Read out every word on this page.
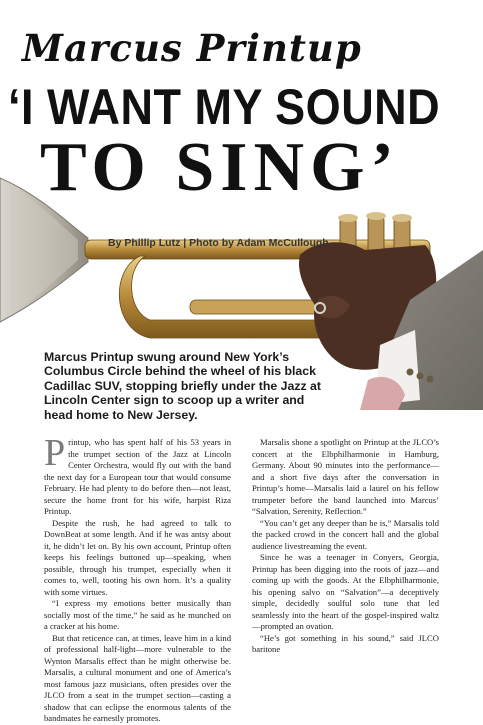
Marcus Printup
‘I WANT MY SOUND
TO SING’
By Phillip Lutz | Photo by Adam McCullough
Marcus Printup swung around New York’s Columbus Circle behind the wheel of his black Cadillac SUV, stopping briefly under the Jazz at Lincoln Center sign to scoop up a writer and head home to New Jersey.

Printup, who has spent half of his 53 years in the trumpet section of the Jazz at Lincoln Center Orchestra, would fly out with the band the next day for a European tour that would consume February. He had plenty to do before then—not least, secure the home front for his wife, harpist Riza Printup.

Despite the rush, he had agreed to talk to DownBeat at some length. And if he was antsy about it, he didn’t let on. By his own account, Printup often keeps his feelings buttoned up—speaking, when possible, through his trumpet, especially when it comes to, well, tooting his own horn. It’s a quality with some virtues.

“I express my emotions better musically than socially most of the time,” he said as he munched on a cracker at his home.

But that reticence can, at times, leave him in a kind of professional half-light—more vulnerable to the Wynton Marsalis effect than he might otherwise be. Marsalis, a cultural monument and one of America’s most famous jazz musicians, often presides over the JLCO from a seat in the trumpet section—casting a shadow that can eclipse the enormous talents of the bandmates he earnestly promotes.

Marsalis shone a spotlight on Printup at the JLCO’s concert at the Elbphilharmonie in Hamburg, Germany. About 90 minutes into the performance—and a short five days after the conversation in Printup’s home—Marsalis laid a laurel on his fellow trumpeter before the band launched into Marcus’ “Salvation, Serenity, Reflection.”

“You can’t get any deeper than he is,” Marsalis told the packed crowd in the concert hall and the global audience livestreaming the event.

Since he was a teenager in Conyers, Georgia, Printup has been digging into the roots of jazz—and coming up with the goods. At the Elbphilharmonie, his opening salvo on “Salvation”—a deceptively simple, decidedly soulful solo tune that led seamlessly into the heart of the gospel-inspired waltz—prompted an ovation.

“He’s got something in his sound,” said JLCO baritone
